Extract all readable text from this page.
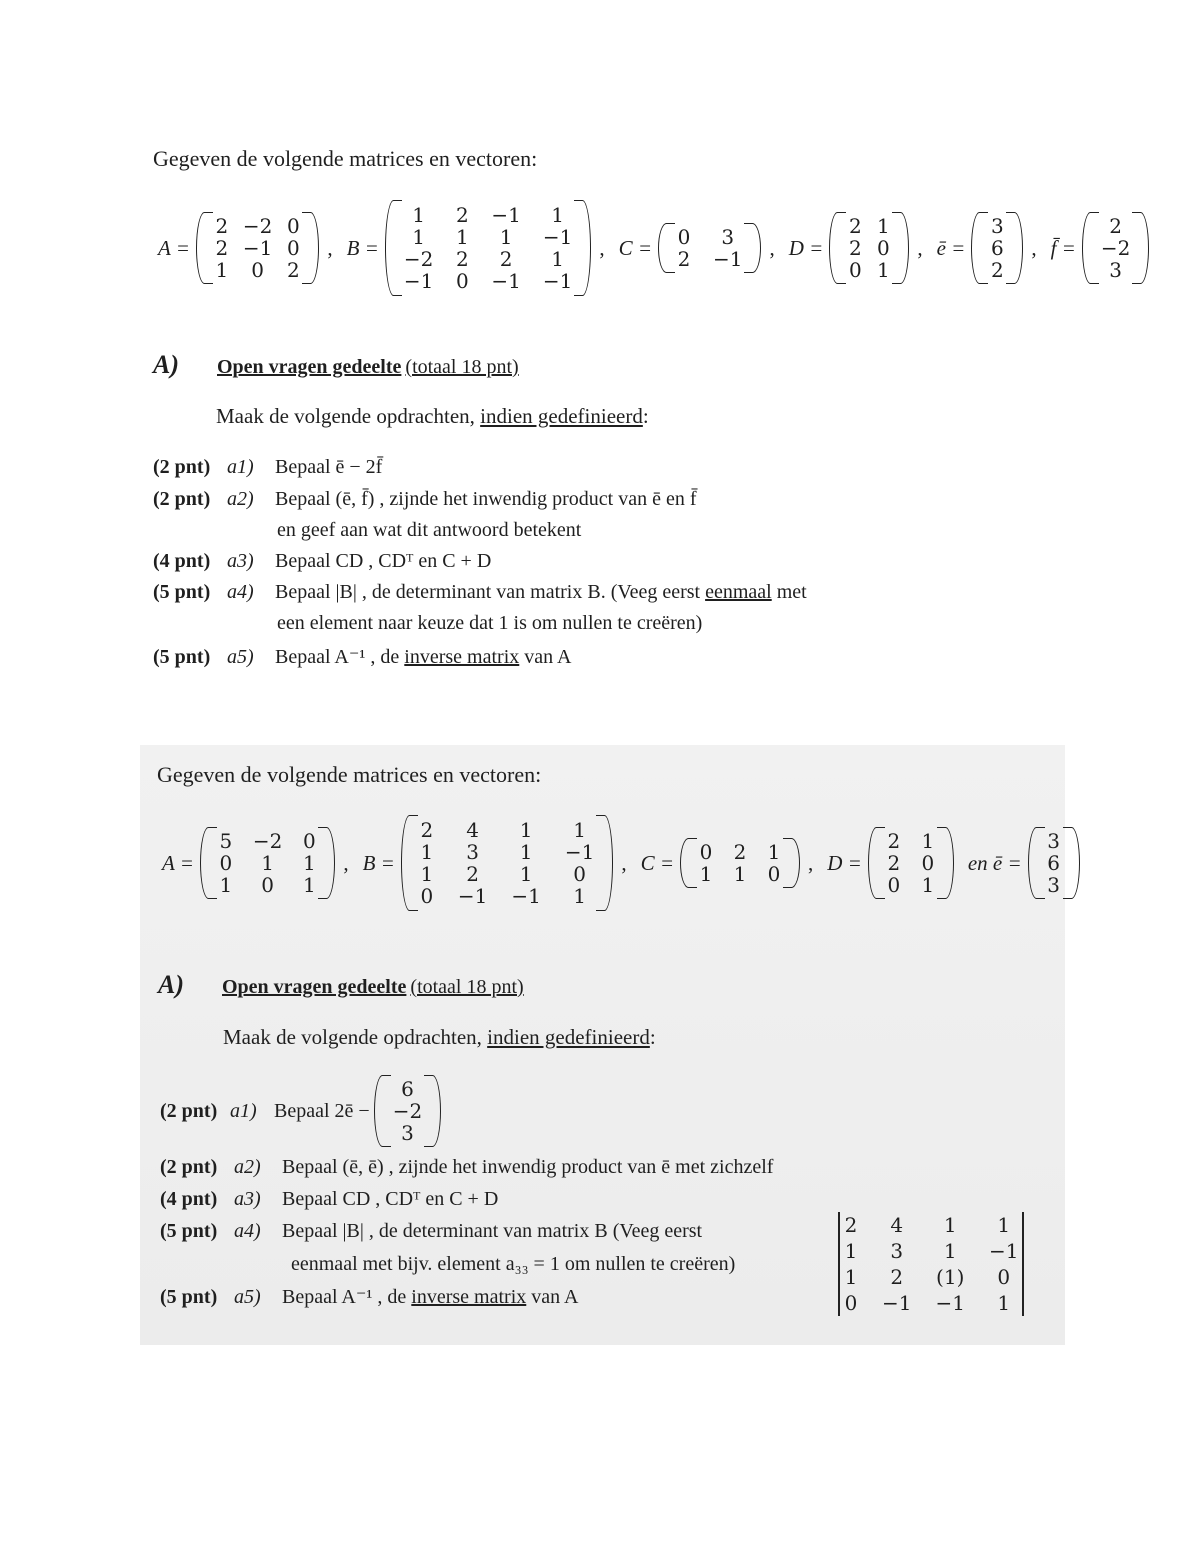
Gegeven de volgende matrices en vectoren:
A =
2 −2 0
2 −1 0
1	0	2
, B =
1	2 −1	1
1	1	1	−1
−2 2	2	1
−1 0 −1 −1
, C = 0	3
2 −1 , D =
2 1
2 0
0 1
, ē =
3
6
2
, f̄ =
2
−2
3
A) Open vragen gedeelte (totaal 18 pnt)
Maak de volgende opdrachten, indien gedefinieerd:
(2 pnt) a1) Bepaal ē − 2f̄
(2 pnt) a2) Bepaal (ē, f̄) , zijnde het inwendig product van ē en f̄
en geef aan wat dit antwoord betekent
(4 pnt) a3) Bepaal CD , CDᵀ en C + D
(5 pnt) a4) Bepaal |B| , de determinant van matrix B. (Veeg eerst eenmaal met
een element naar keuze dat 1 is om nullen te creëren)
(5 pnt) a5) Bepaal A⁻¹ , de inverse matrix van A
Gegeven de volgende matrices en vectoren:
A =
5 −2 0
0	1	1
1	0	1
, B =
2	4	1	1
1	3	1	−1
1	2	1	0
0 −1 −1	1
, C = 0 2 1
1 1 0 , D =
2 1
2 0
0 1
en ē =
3
6
3
A) Open vragen gedeelte (totaal 18 pnt)
Maak de volgende opdrachten, indien gedefinieerd:
(2 pnt) a1) Bepaal 2ē −
6
−2
3
(2 pnt) a2) Bepaal (ē, ē) , zijnde het inwendig product van ē met zichzelf
(4 pnt) a3) Bepaal CD , CDᵀ en C + D
(5 pnt) a4) Bepaal |B| , de determinant van matrix B (Veeg eerst
eenmaal met bijv. element a₃₃ = 1 om nullen te creëren)
(5 pnt) a5) Bepaal A⁻¹ , de inverse matrix van A
2	4	1	1
1	3	1	−1
1	2	(1)	0
0 −1 −1	1
